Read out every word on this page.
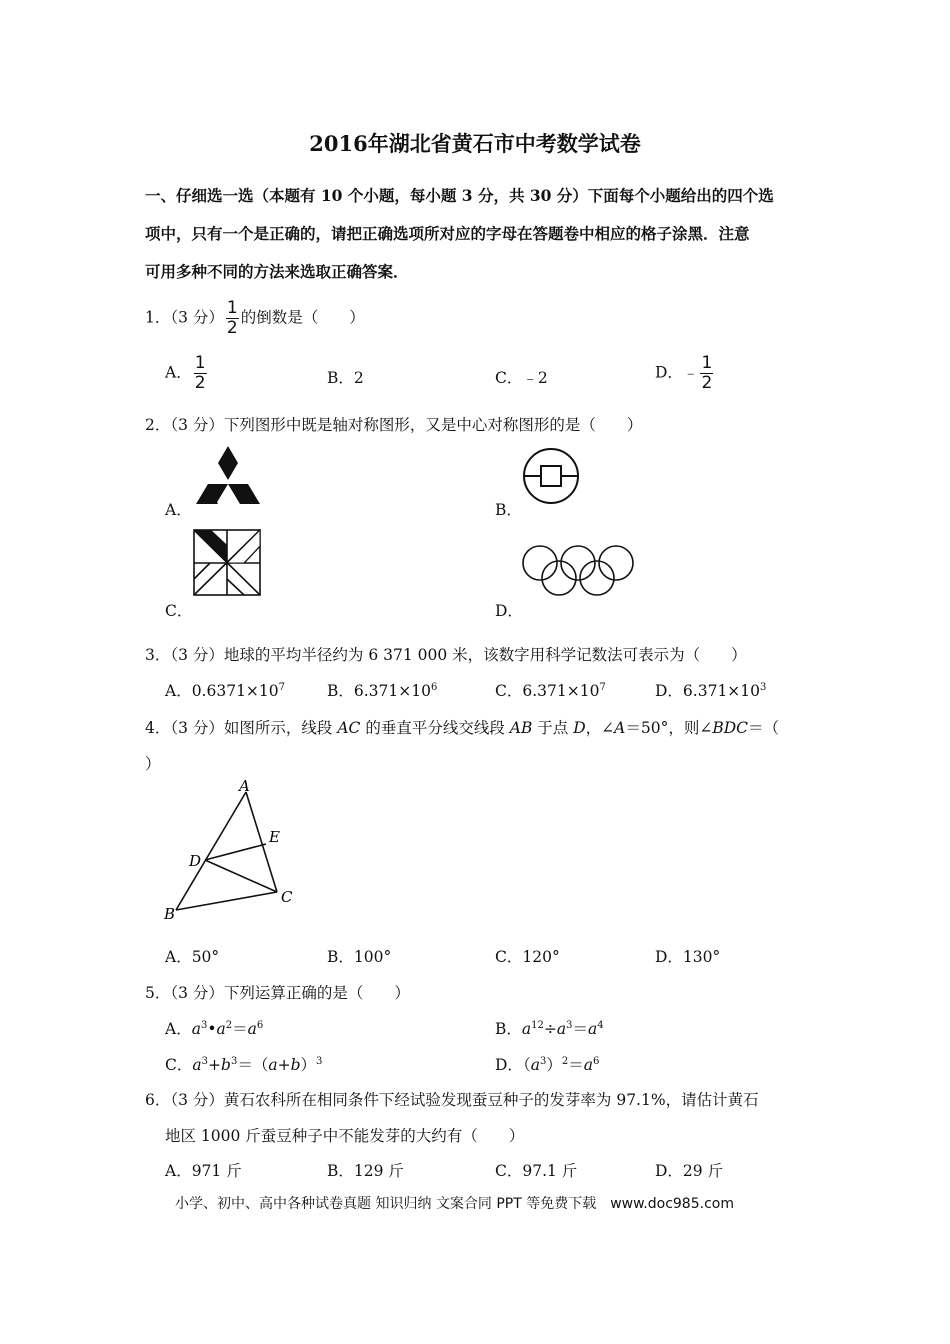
2016年湖北省黄石市中考数学试卷
一、仔细选一选（本题有 10 个小题，每小题 3 分，共 30 分）下面每个小题给出的四个选
项中，只有一个是正确的，请把正确选项所对应的字母在答题卷中相应的格子涂黑．注意
可用多种不同的方法来选取正确答案．
1．（3 分） $\frac{1}{2}$ 的倒数是（　　）
A． $\frac{1}{2}$	B．2	C．﹣2	D．﹣ $\frac{1}{2}$
2．（3 分）下列图形中既是轴对称图形，又是中心对称图形的是（　　）
A．	B．
C．	D．
3．（3 分）地球的平均半径约为 6 371 000 米，该数字用科学记数法可表示为（　　）
A．$0.6371\times 10^7$	B．$6.371\times 10^6$	C．$6.371\times 10^7$	D．$6.371\times 10^3$
4．（3 分）如图所示，线段 AC 的垂直平分线交线段 AB 于点 D，∠A＝50°，则∠BDC＝（
）
A
B
C
D
E
A．50°	B．100°	C．120°	D．130°
5．（3 分）下列运算正确的是（　　）
A．$a^3•a^2=a^6$	B．$a^{12}\div a^3=a^4$
C．$a^3+b^3=(a+b)^3$	D．$(a^3)^2=a^6$
6．（3 分）黄石农科所在相同条件下经试验发现蚕豆种子的发芽率为 97.1%，请估计黄石
地区 1000 斤蚕豆种子中不能发芽的大约有（　　）
A．971 斤	B．129 斤	C．97.1 斤	D．29 斤
小学、初中、高中各种试卷真题 知识归纳 文案合同 PPT 等免费下载　www.doc985.com
